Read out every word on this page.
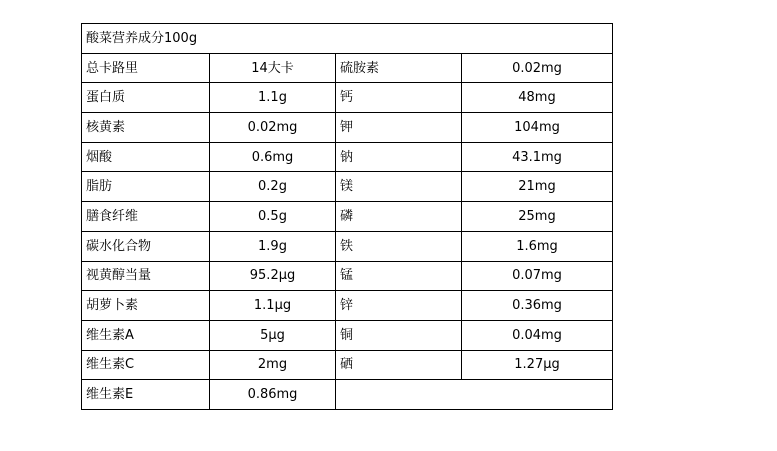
酸菜营养成分100g			
总卡路里	14大卡	硫胺素	0.02mg
蛋白质	1.1g	钙	48mg
核黄素	0.02mg	钾	104mg
烟酸	0.6mg	钠	43.1mg
脂肪	0.2g	镁	21mg
膳食纤维	0.5g	磷	25mg
碳水化合物	1.9g	铁	1.6mg
视黄醇当量	95.2μg	锰	0.07mg
胡萝卜素	1.1μg	锌	0.36mg
维生素A	5μg	铜	0.04mg
维生素C	2mg	硒	1.27μg
维生素E	0.86mg		
